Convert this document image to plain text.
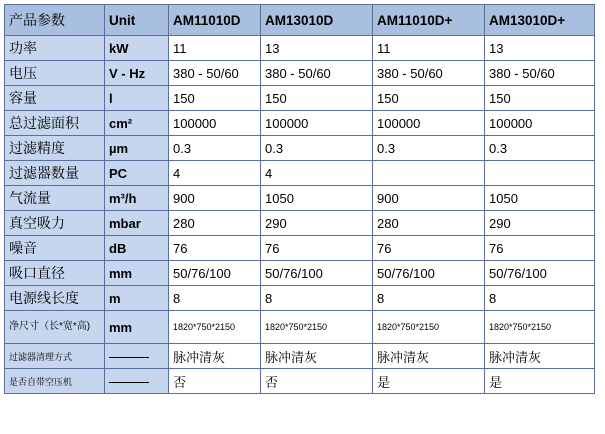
产品参数	Unit	AM11010D	AM13010D	AM11010D+	AM13010D+
功率	kW	11	13	11	13
电压	V - Hz	380 - 50/60	380 - 50/60	380 - 50/60	380 - 50/60
容量	l	150	150	150	150
总过滤面积	cm²	100000	100000	100000	100000
过滤精度	µm	0.3	0.3	0.3	0.3
过滤器数量	PC	4	4		
气流量	m³/h	900	1050	900	1050
真空吸力	mbar	280	290	280	290
噪音	dB	76	76	76	76
吸口直径	mm	50/76/100	50/76/100	50/76/100	50/76/100
电源线长度	m	8	8	8	8
净尺寸（长*宽*高)	mm	1820*750*2150	1820*750*2150	1820*750*2150	1820*750*2150
过滤器清理方式		脉冲清灰	脉冲清灰	脉冲清灰	脉冲清灰
是否自带空压机		否	否	是	是
